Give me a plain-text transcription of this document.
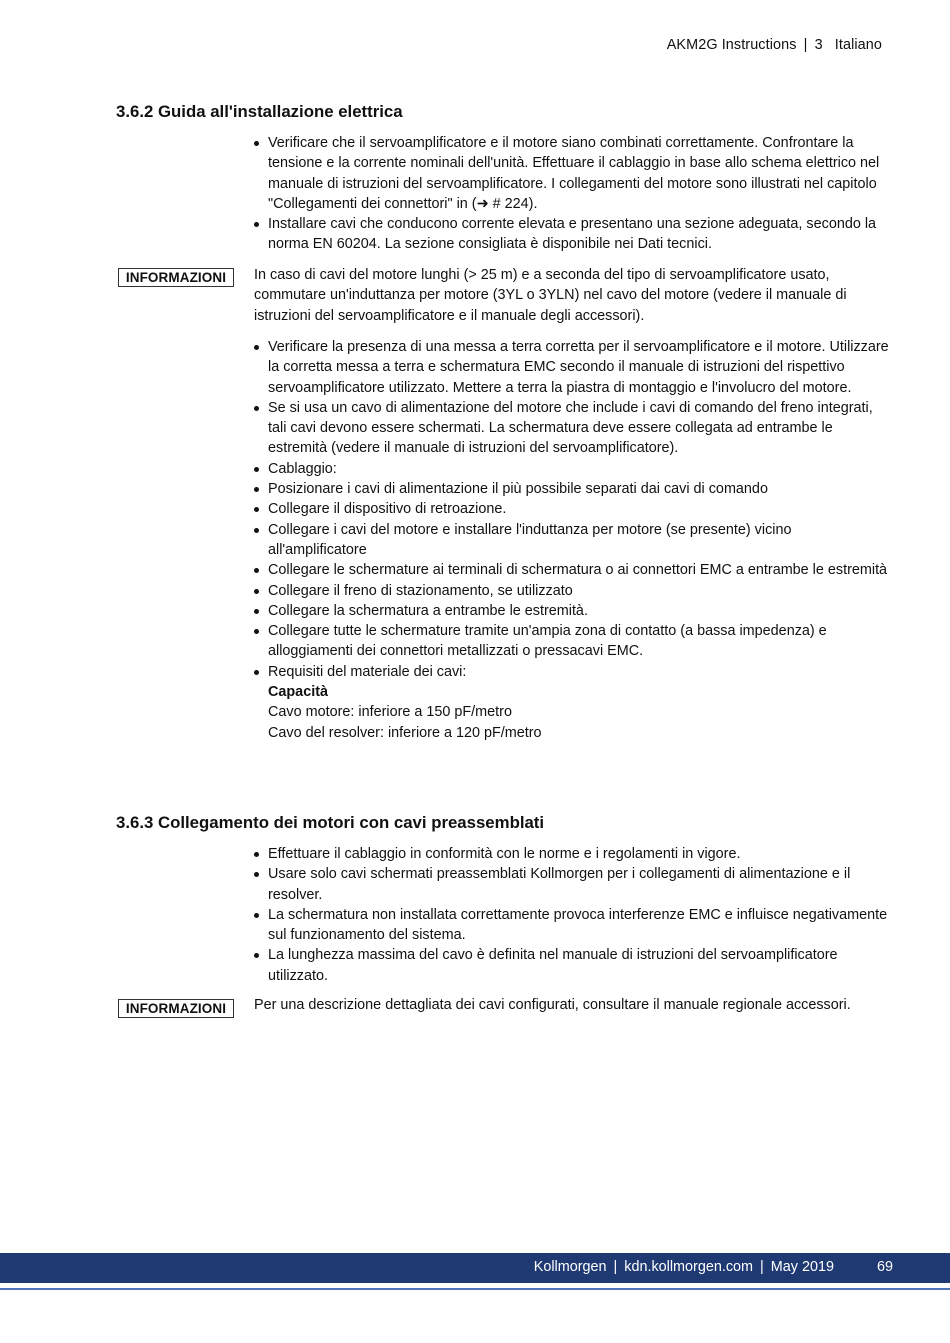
AKM2G Instructions | 3 Italiano
3.6.2 Guida all'installazione elettrica
Verificare che il servoamplificatore e il motore siano combinati correttamente. Confrontare la tensione e la corrente nominali dell'unità. Effettuare il cablaggio in base allo schema elettrico nel manuale di istruzioni del servoamplificatore. I collegamenti del motore sono illustrati nel capitolo "Collegamenti dei connettori" in (➜ # 224).
Installare cavi che conducono corrente elevata e presentano una sezione adeguata, secondo la norma EN 60204. La sezione consigliata è disponibile nei Dati tecnici.
INFORMAZIONI	In caso di cavi del motore lunghi (> 25 m) e a seconda del tipo di servoamplificatore usato, commutare un'induttanza per motore (3YL o 3YLN) nel cavo del motore (vedere il manuale di istruzioni del servoamplificatore e il manuale degli accessori).

Verificare la presenza di una messa a terra corretta per il servoamplificatore e il motore. Utilizzare la corretta messa a terra e schermatura EMC secondo il manuale di istruzioni del rispettivo servoamplificatore utilizzato. Mettere a terra la piastra di montaggio e l'involucro del motore.
Se si usa un cavo di alimentazione del motore che include i cavi di comando del freno integrati, tali cavi devono essere schermati. La schermatura deve essere collegata ad entrambe le estremità (vedere il manuale di istruzioni del servoamplificatore).
Cablaggio:
Posizionare i cavi di alimentazione il più possibile separati dai cavi di comando
Collegare il dispositivo di retroazione.
Collegare i cavi del motore e installare l'induttanza per motore (se presente) vicino all'amplificatore
Collegare le schermature ai terminali di schermatura o ai connettori EMC a entrambe le estremità
Collegare il freno di stazionamento, se utilizzato
Collegare la schermatura a entrambe le estremità.
Collegare tutte le schermature tramite un'ampia zona di contatto (a bassa impedenza) e alloggiamenti dei connettori metallizzati o pressacavi EMC.
Requisiti del materiale dei cavi:
Capacità
Cavo motore: inferiore a 150 pF/metro
Cavo del resolver: inferiore a 120 pF/metro
3.6.3 Collegamento dei motori con cavi preassemblati
Effettuare il cablaggio in conformità con le norme e i regolamenti in vigore.
Usare solo cavi schermati preassemblati Kollmorgen per i collegamenti di alimentazione e il resolver.
La schermatura non installata correttamente provoca interferenze EMC e influisce negativamente sul funzionamento del sistema.
La lunghezza massima del cavo è definita nel manuale di istruzioni del servoamplificatore utilizzato.
INFORMAZIONI	Per una descrizione dettagliata dei cavi configurati, consultare il manuale regionale accessori.

Kollmorgen | kdn.kollmorgen.com | May 2019	69
